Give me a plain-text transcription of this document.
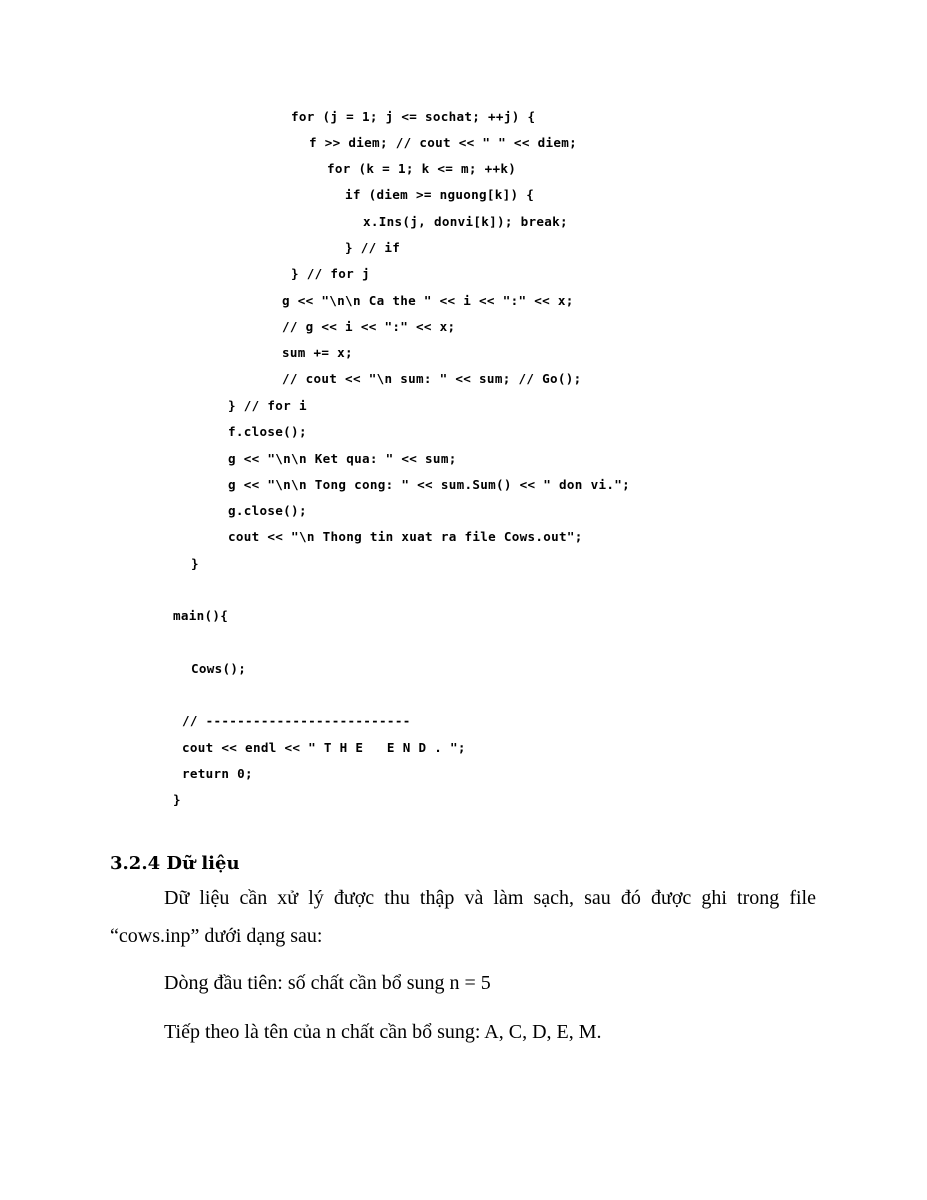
for (j = 1; j <= sochat; ++j) {
f >> diem; // cout << " " << diem;
for (k = 1; k <= m; ++k)
if (diem >= nguong[k]) {
x.Ins(j, donvi[k]); break;
} // if
} // for j
g << "\n\n Ca the " << i << ":" << x;
// g << i << ":" << x;
sum += x;
// cout << "\n sum: " << sum; // Go();
} // for i
f.close();
g << "\n\n Ket qua: " << sum;
g << "\n\n Tong cong: " << sum.Sum() << " don vi.";
g.close();
cout << "\n Thong tin xuat ra file Cows.out";
}
main(){
Cows();
// --------------------------
cout << endl << " T H E   E N D . ";
return 0;
}
3.2.4 Dữ liệu
Dữ liệu cần xử lý được thu thập và làm sạch, sau đó được ghi trong file
“cows.inp” dưới dạng sau:
Dòng đầu tiên: số chất cần bổ sung n = 5
Tiếp theo là tên của n chất cần bổ sung: A, C, D, E, M.
